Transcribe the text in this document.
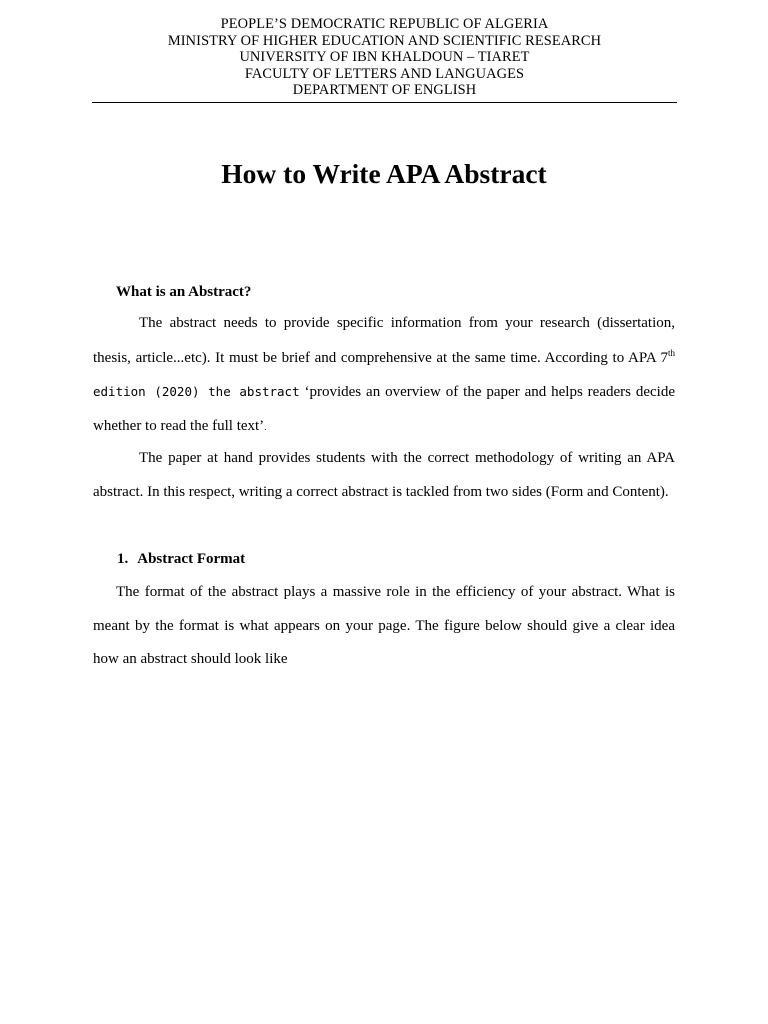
PEOPLE’S DEMOCRATIC REPUBLIC OF ALGERIA
MINISTRY OF HIGHER EDUCATION AND SCIENTIFIC RESEARCH
UNIVERSITY OF IBN KHALDOUN – TIARET
FACULTY OF LETTERS AND LANGUAGES
DEPARTMENT OF ENGLISH
How to Write APA Abstract
What is an Abstract?

The abstract needs to provide specific information from your research (dissertation, thesis, article...etc). It must be brief and comprehensive at the same time. According to APA 7th edition (2020) the abstract ‘provides an overview of the paper and helps readers decide whether to read the full text’.

The paper at hand provides students with the correct methodology of writing an APA abstract. In this respect, writing a correct abstract is tackled from two sides (Form and Content).

1. Abstract Format

The format of the abstract plays a massive role in the efficiency of your abstract. What is meant by the format is what appears on your page. The figure below should give a clear idea how an abstract should look like
